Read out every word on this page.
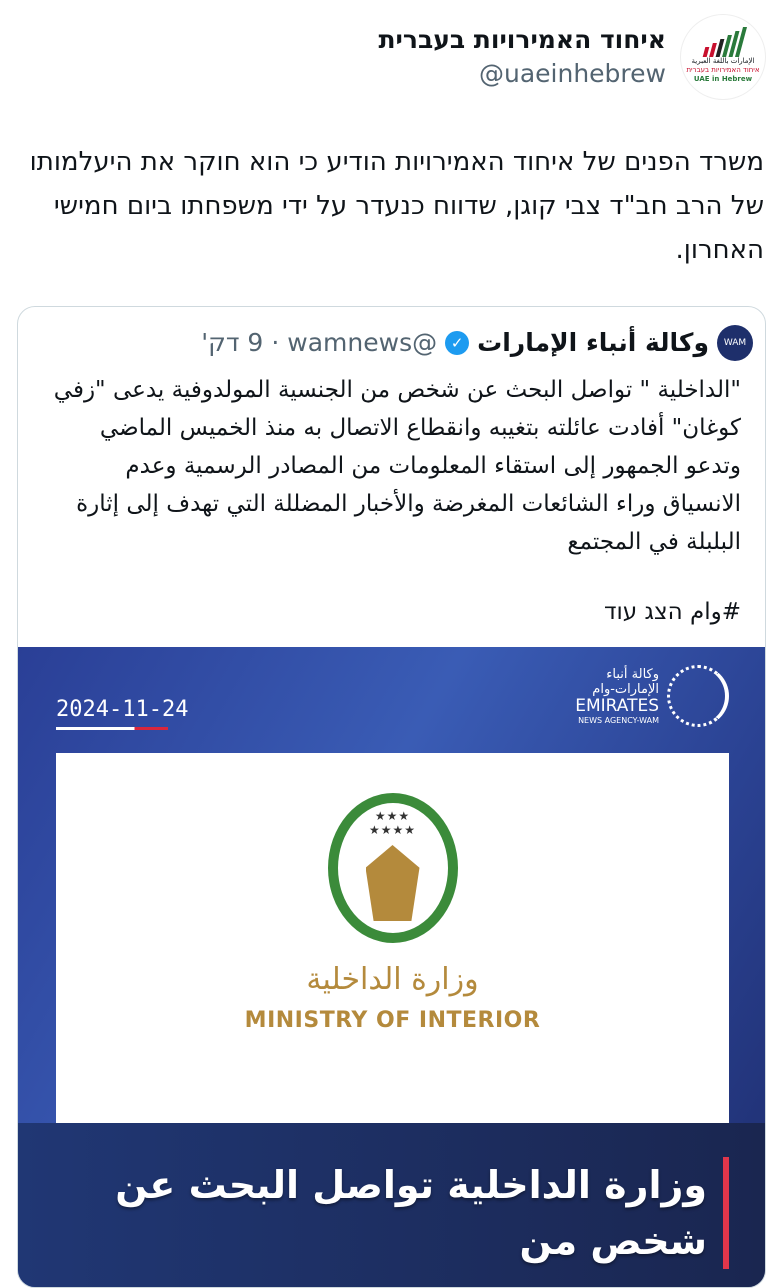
الإمارات باللغة العبرية
איחוד האמירויות בעברית
UAE in Hebrew
איחוד האמירויות בעברית
@uaeinhebrew
משרד הפנים של איחוד האמירויות הודיע כי הוא חוקר את היעלמותו של הרב חב"ד צבי קוגן, שדווח כנעדר על ידי משפחתו ביום חמישי האחרון.
WAM
وكالة أنباء الإمارات
✓
@wamnews
·
9 דק'
"الداخلية " تواصل البحث عن شخص من الجنسية المولدوفية يدعى "زفي كوغان" أفادت عائلته بتغيبه وانقطاع الاتصال به منذ الخميس الماضي وتدعو الجمهور إلى استقاء المعلومات من المصادر الرسمية وعدم الانسياق وراء الشائعات المغرضة والأخبار المضللة التي تهدف إلى إثارة البلبلة في المجتمع
#وام הצג עוד
2024-11-24
وكالة أنباء
الإمارات-وام
EMIRATES
NEWS AGENCY-WAM
★★★
★★★★
وزارة الداخلية
MINISTRY OF INTERIOR
وزارة الداخلية تواصل البحث عن شخص من
